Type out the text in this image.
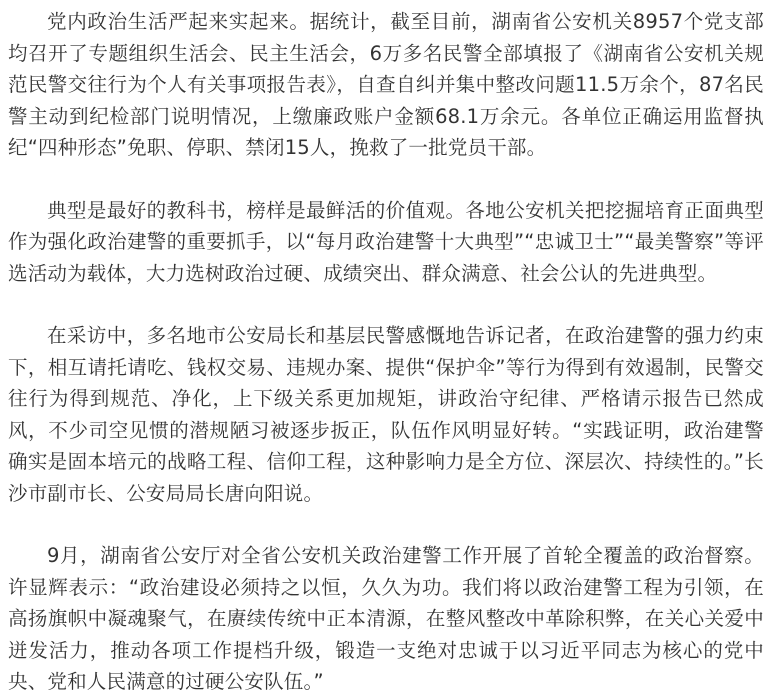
党内政治生活严起来实起来。据统计，截至目前，湖南省公安机关8957个党支部均召开了专题组织生活会、民主生活会，6万多名民警全部填报了《湖南省公安机关规范民警交往行为个人有关事项报告表》，自查自纠并集中整改问题11.5万余个，87名民警主动到纪检部门说明情况，上缴廉政账户金额68.1万余元。各单位正确运用监督执纪“四种形态”免职、停职、禁闭15人，挽救了一批党员干部。

典型是最好的教科书，榜样是最鲜活的价值观。各地公安机关把挖掘培育正面典型作为强化政治建警的重要抓手，以“每月政治建警十大典型”“忠诚卫士”“最美警察”等评选活动为载体，大力选树政治过硬、成绩突出、群众满意、社会公认的先进典型。

在采访中，多名地市公安局长和基层民警感慨地告诉记者，在政治建警的强力约束下，相互请托请吃、钱权交易、违规办案、提供“保护伞”等行为得到有效遏制，民警交往行为得到规范、净化，上下级关系更加规矩，讲政治守纪律、严格请示报告已然成风，不少司空见惯的潜规陋习被逐步扳正，队伍作风明显好转。“实践证明，政治建警确实是固本培元的战略工程、信仰工程，这种影响力是全方位、深层次、持续性的。”长沙市副市长、公安局局长唐向阳说。

9月，湖南省公安厅对全省公安机关政治建警工作开展了首轮全覆盖的政治督察。许显辉表示：“政治建设必须持之以恒，久久为功。我们将以政治建警工程为引领，在高扬旗帜中凝魂聚气，在赓续传统中正本清源，在整风整改中革除积弊，在关心关爱中迸发活力，推动各项工作提档升级，锻造一支绝对忠诚于以习近平同志为核心的党中央、党和人民满意的过硬公安队伍。”
